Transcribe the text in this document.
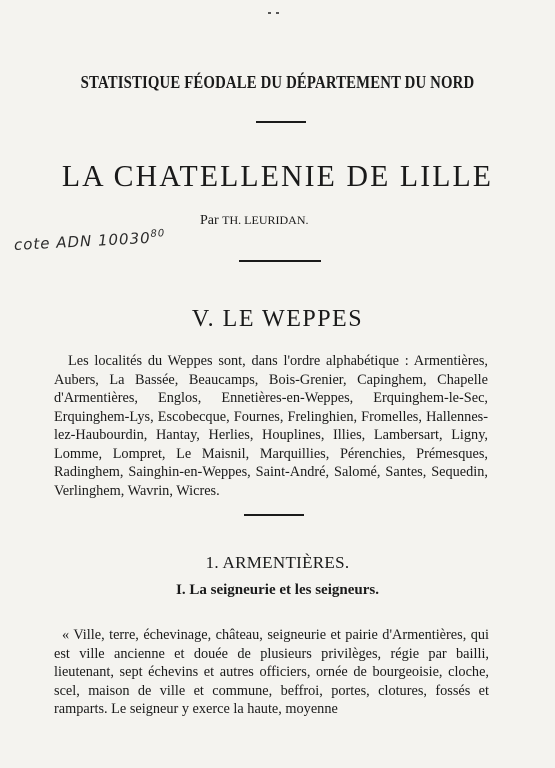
STATISTIQUE FÉODALE DU DÉPARTEMENT DU NORD
LA CHATELLENIE DE LILLE
Par TH. LEURIDAN.
cote ADN 10030$^{80}$
V. LE WEPPES
Les localités du Weppes sont, dans l'ordre alphabétique : Armentières, Aubers, La Bassée, Beaucamps, Bois-Grenier, Capinghem, Chapelle d'Armentières, Englos, Ennetières-en-Weppes, Erquinghem-le-Sec, Erquinghem-Lys, Escobecque, Fournes, Frelinghien, Fromelles, Hallennes-lez-Haubourdin, Hantay, Herlies, Houplines, Illies, Lambersart, Ligny, Lomme, Lompret, Le Maisnil, Marquillies, Pérenchies, Prémesques, Radinghem, Sainghin-en-Weppes, Saint-André, Salomé, Santes, Sequedin, Verlinghem, Wavrin, Wicres.
1. ARMENTIÈRES.
I. La seigneurie et les seigneurs.
« Ville, terre, échevinage, château, seigneurie et pairie d'Armentières, qui est ville ancienne et douée de plusieurs privilèges, régie par bailli, lieutenant, sept échevins et autres officiers, ornée de bourgeoisie, cloche, scel, maison de ville et commune, beffroi, portes, clotures, fossés et ramparts. Le seigneur y exerce la haute, moyenne
